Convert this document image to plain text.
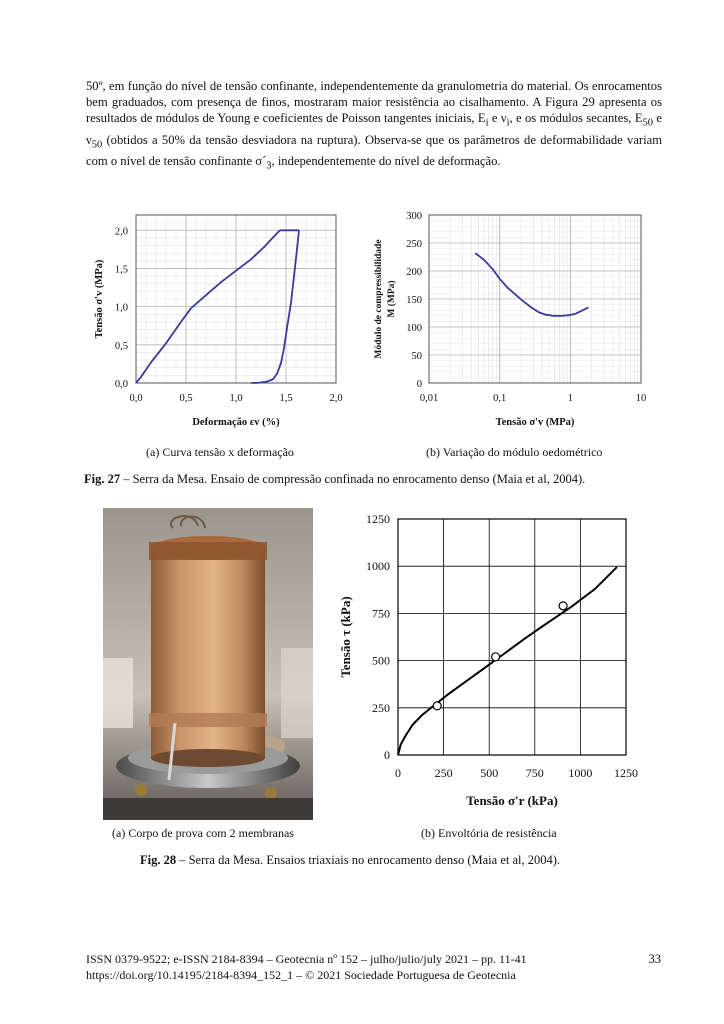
50º, em função do nível de tensão confinante, independentemente da granulometria do material. Os enrocamentos bem graduados, com presença de finos, mostraram maior resistência ao cisalhamento. A Figura 29 apresenta os resultados de módulos de Young e coeficientes de Poisson tangentes iniciais, $E_i$ e $\nu_i$, e os módulos secantes, $E_{50}$ e $\nu_{50}$ (obtidos a 50% da tensão desviadora na ruptura). Observa-se que os parâmetros de deformabilidade variam com o nível de tensão confinante $\sigma´_3$, independentemente do nível de deformação.

0,0	0,5	1,0	1,5	2,0
0,0
0,5
1,0
1,5
2,0
Deformação εv (%)
Tensão σ'v (MPa)
0,01	0,1	1	10
0
50
100
150
200
250
300
Tensão σ'v (MPa)
Módulo de compressibilidade M (MPa)

(a) Curva tensão x deformação	(b) Variação do módulo oedométrico

Fig. 27 – Serra da Mesa. Ensaio de compressão confinada no enrocamento denso (Maia et al, 2004).

0	250 500 750 1000 1250
0
250
500
750
1000
1250
Tensão σ'r (kPa)
Tensão τ (kPa)

(a) Corpo de prova com 2 membranas	(b) Envoltória de resistência

Fig. 28 – Serra da Mesa. Ensaios triaxiais no enrocamento denso (Maia et al, 2004).

ISSN 0379-9522; e-ISSN 2184-8394 – Geotecnia nº 152 – julho/julio/july 2021 – pp. 11-41

https://doi.org/10.14195/2184-8394_152_1 – © 2021 Sociedade Portuguesa de Geotecnia

33
